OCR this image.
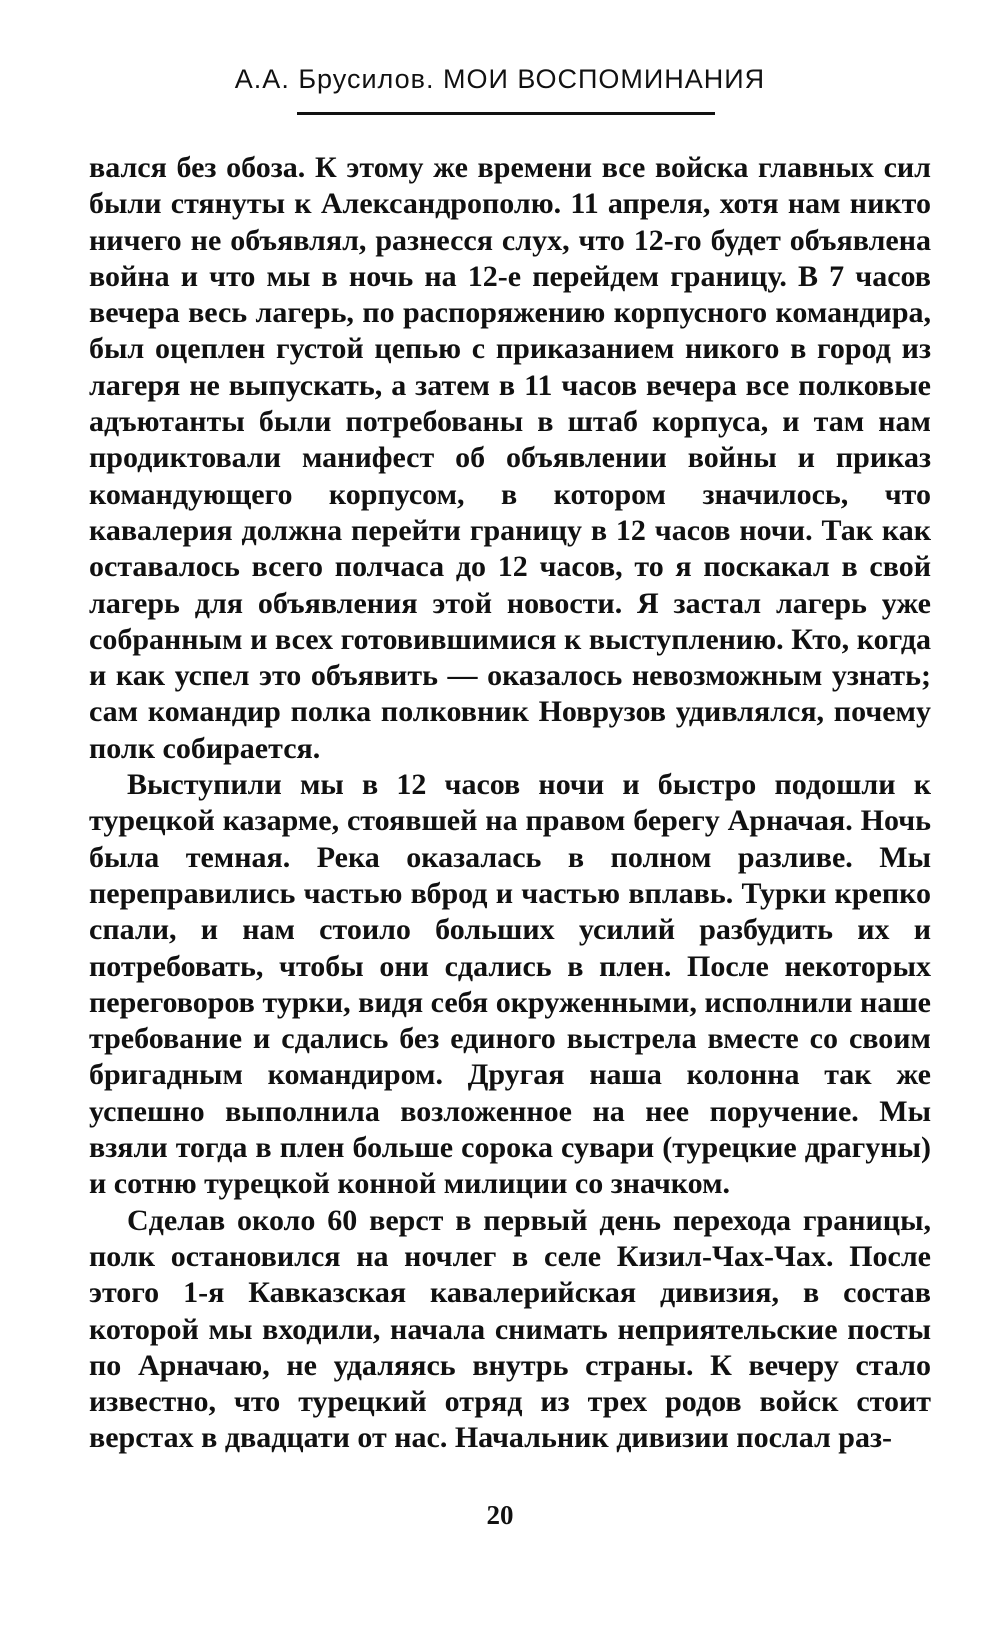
А.А. Брусилов. МОИ ВОСПОМИНАНИЯ

вался без обоза. К этому же времени все войска главных сил были стянуты к Александрополю. 11 апреля, хотя нам никто ничего не объявлял, разнесся слух, что 12-го будет объявлена война и что мы в ночь на 12-е перейдем границу. В 7 часов вечера весь лагерь, по распоряжению корпусного командира, был оцеплен густой цепью с приказанием никого в город из лагеря не выпускать, а затем в 11 часов вечера все полковые адъютанты были потребованы в штаб корпуса, и там нам продиктовали манифест об объявлении войны и приказ командующего корпусом, в котором значилось, что кавалерия должна перейти границу в 12 часов ночи. Так как оставалось всего полчаса до 12 часов, то я поскакал в свой лагерь для объявления этой новости. Я застал лагерь уже собранным и всех готовившимися к выступлению. Кто, когда и как успел это объявить — оказалось невозможным узнать; сам командир полка полковник Новрузов удивлялся, почему полк собирается.

Выступили мы в 12 часов ночи и быстро подошли к турецкой казарме, стоявшей на правом берегу Арначая. Ночь была темная. Река оказалась в полном разливе. Мы переправились частью вброд и частью вплавь. Турки крепко спали, и нам стоило больших усилий разбудить их и потребовать, чтобы они сдались в плен. После некоторых переговоров турки, видя себя окруженными, исполнили наше требование и сдались без единого выстрела вместе со своим бригадным командиром. Другая наша колонна так же успешно выполнила возложенное на нее поручение. Мы взяли тогда в плен больше сорока сувари (турецкие драгуны) и сотню турецкой конной милиции со значком.

Сделав около 60 верст в первый день перехода границы, полк остановился на ночлег в селе Кизил-Чах-Чах. После этого 1-я Кавказская кавалерийская дивизия, в состав которой мы входили, начала снимать неприятельские посты по Арначаю, не удаляясь внутрь страны. К вечеру стало известно, что турецкий отряд из трех родов войск стоит верстах в двадцати от нас. Начальник дивизии послал раз-

20
